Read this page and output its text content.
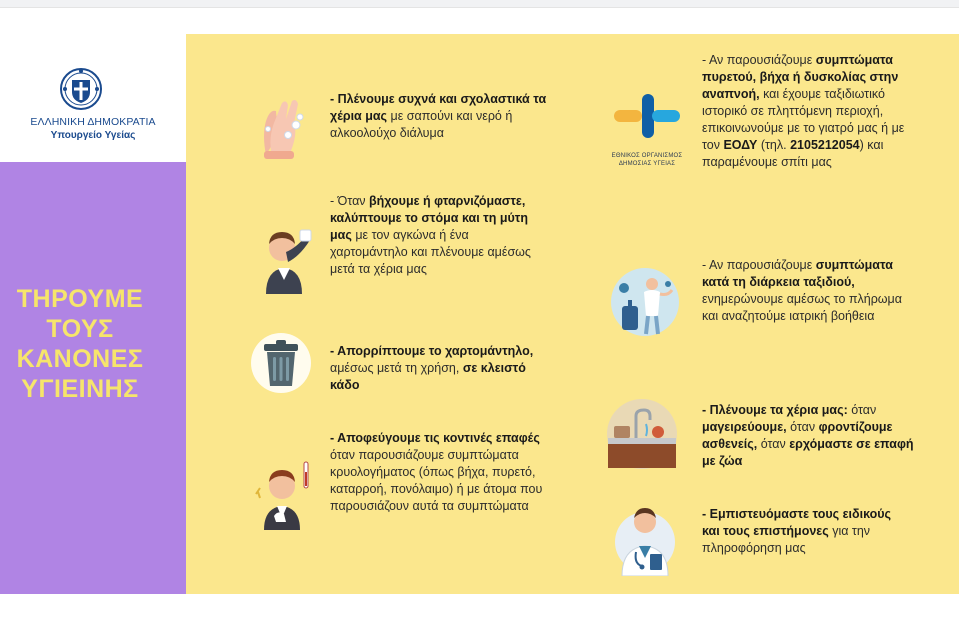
ΕΛΛΗΝΙΚΗ ΔΗΜΟΚΡΑΤΙΑ
Υπουργείο Υγείας
ΤΗΡΟΥΜΕ
ΤΟΥΣ
ΚΑΝΟΝΕΣ
ΥΓΙΕΙΝΗΣ
- Πλένουμε συχνά και σχολαστικά τα χέρια μας με σαπούνι και νερό ή αλκοολούχο διάλυμα
- Όταν βήχουμε ή φταρνιζόμαστε, καλύπτουμε το στόμα και τη μύτη μας με τον αγκώνα ή ένα χαρτομάντηλο και πλένουμε αμέσως μετά τα χέρια μας
- Απορρίπτουμε το χαρτομάντηλο, αμέσως μετά τη χρήση, σε κλειστό κάδο
- Αποφεύγουμε τις κοντινές επαφές όταν παρουσιάζουμε συμπτώματα κρυολογήματος (όπως βήχα, πυρετό, καταρροή, πονόλαιμο) ή με άτομα που παρουσιάζουν αυτά τα συμπτώματα
ΕΘΝΙΚΟΣ ΟΡΓΑΝΙΣΜΟΣ
ΔΗΜΟΣΙΑΣ ΥΓΕΙΑΣ
- Αν παρουσιάζουμε συμπτώματα πυρετού, βήχα ή δυσκολίας στην αναπνοή, και έχουμε ταξιδιωτικό ιστορικό σε πληττόμενη περιοχή, επικοινωνούμε με το γιατρό μας ή με τον ΕΟΔΥ (τηλ. 2105212054) και παραμένουμε σπίτι μας
- Αν παρουσιάζουμε συμπτώματα κατά τη διάρκεια ταξιδιού, ενημερώνουμε αμέσως το πλήρωμα και αναζητούμε ιατρική βοήθεια
- Πλένουμε τα χέρια μας: όταν μαγειρεύουμε, όταν φροντίζουμε ασθενείς, όταν ερχόμαστε σε επαφή με ζώα
- Εμπιστευόμαστε τους ειδικούς και τους επιστήμονες για την πληροφόρηση μας
